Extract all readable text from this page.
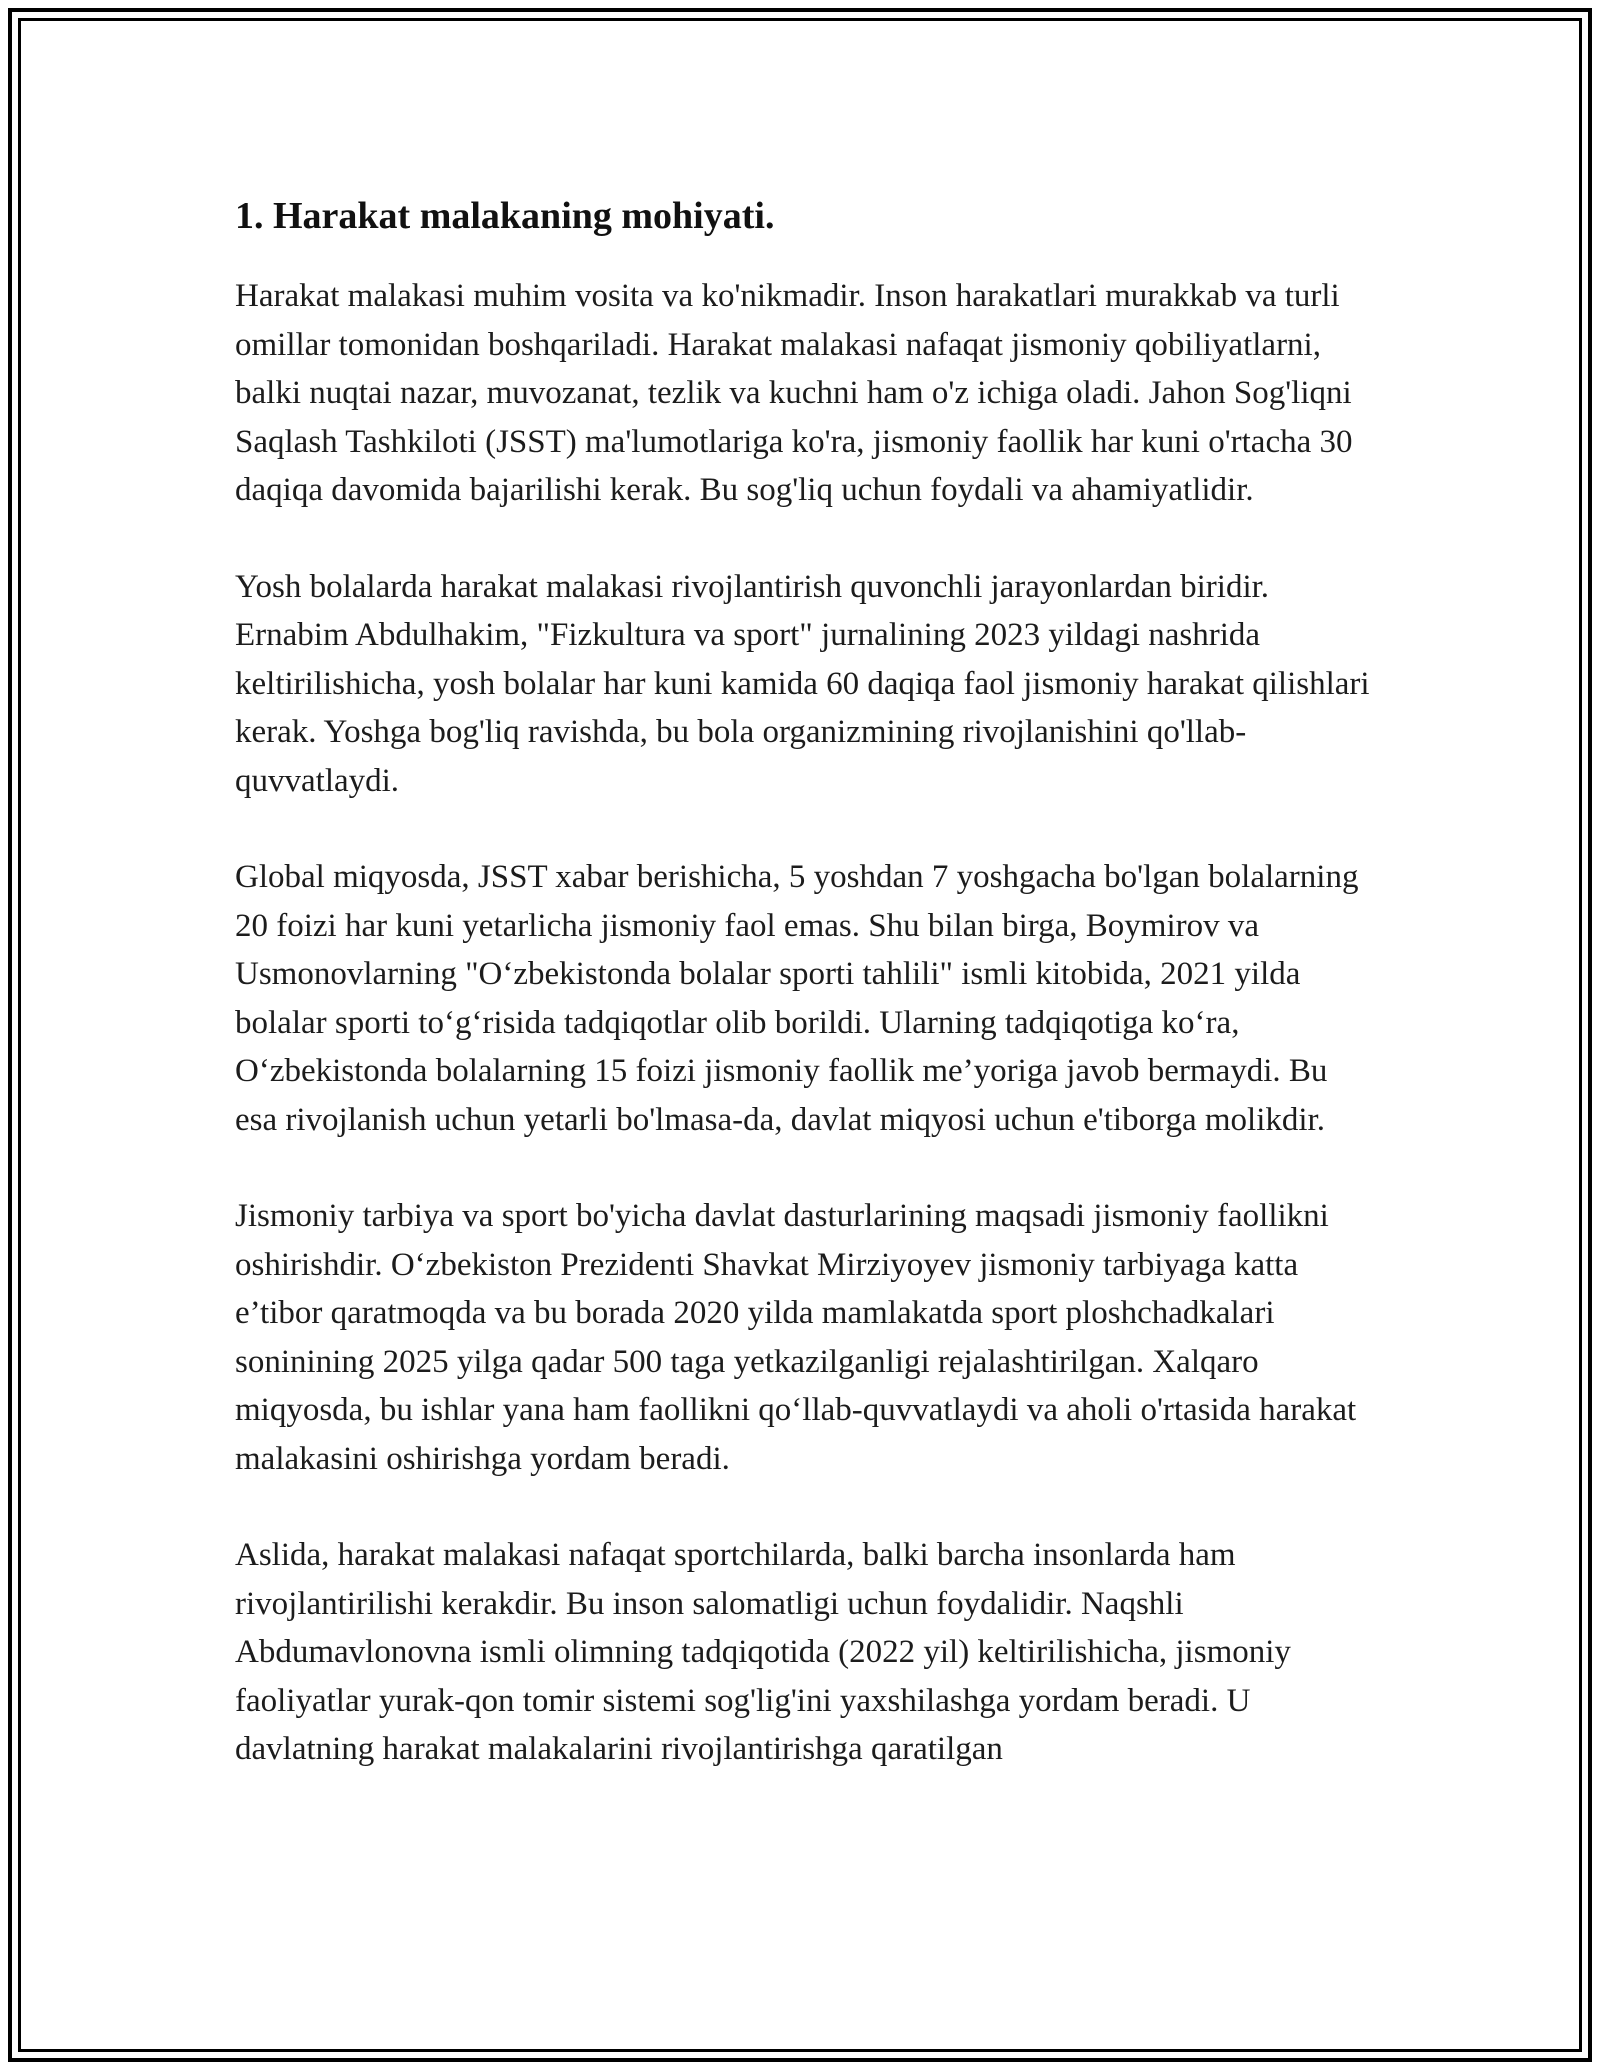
1. Harakat malakaning mohiyati.

Harakat malakasi muhim vosita va ko'nikmadir. Inson harakatlari murakkab va turli omillar tomonidan boshqariladi. Harakat malakasi nafaqat jismoniy qobiliyatlarni, balki nuqtai nazar, muvozanat, tezlik va kuchni ham o'z ichiga oladi. Jahon Sog'liqni Saqlash Tashkiloti (JSST) ma'lumotlariga ko'ra, jismoniy faollik har kuni o'rtacha 30 daqiqa davomida bajarilishi kerak. Bu sog'liq uchun foydali va ahamiyatlidir.

Yosh bolalarda harakat malakasi rivojlantirish quvonchli jarayonlardan biridir. Ernabim Abdulhakim, "Fizkultura va sport" jurnalining 2023 yildagi nashrida keltirilishicha, yosh bolalar har kuni kamida 60 daqiqa faol jismoniy harakat qilishlari kerak. Yoshga bog'liq ravishda, bu bola organizmining rivojlanishini qo'llab-quvvatlaydi.

Global miqyosda, JSST xabar berishicha, 5 yoshdan 7 yoshgacha bo'lgan bolalarning 20 foizi har kuni yetarlicha jismoniy faol emas. Shu bilan birga, Boymirov va Usmonovlarning "O‘zbekistonda bolalar sporti tahlili" ismli kitobida, 2021 yilda bolalar sporti to‘g‘risida tadqiqotlar olib borildi. Ularning tadqiqotiga ko‘ra, O‘zbekistonda bolalarning 15 foizi jismoniy faollik me’yoriga javob bermaydi. Bu esa rivojlanish uchun yetarli bo'lmasa-da, davlat miqyosi uchun e'tiborga molikdir.

Jismoniy tarbiya va sport bo'yicha davlat dasturlarining maqsadi jismoniy faollikni oshirishdir. O‘zbekiston Prezidenti Shavkat Mirziyoyev jismoniy tarbiyaga katta e’tibor qaratmoqda va bu borada 2020 yilda mamlakatda sport ploshchadkalari soninining 2025 yilga qadar 500 taga yetkazilganligi rejalashtirilgan. Xalqaro miqyosda, bu ishlar yana ham faollikni qo‘llab-quvvatlaydi va aholi o'rtasida harakat malakasini oshirishga yordam beradi.

Aslida, harakat malakasi nafaqat sportchilarda, balki barcha insonlarda ham rivojlantirilishi kerakdir. Bu inson salomatligi uchun foydalidir. Naqshli Abdumavlonovna ismli olimning tadqiqotida (2022 yil) keltirilishicha, jismoniy faoliyatlar yurak-qon tomir sistemi sog'lig'ini yaxshilashga yordam beradi. U davlatning harakat malakalarini rivojlantirishga qaratilgan
